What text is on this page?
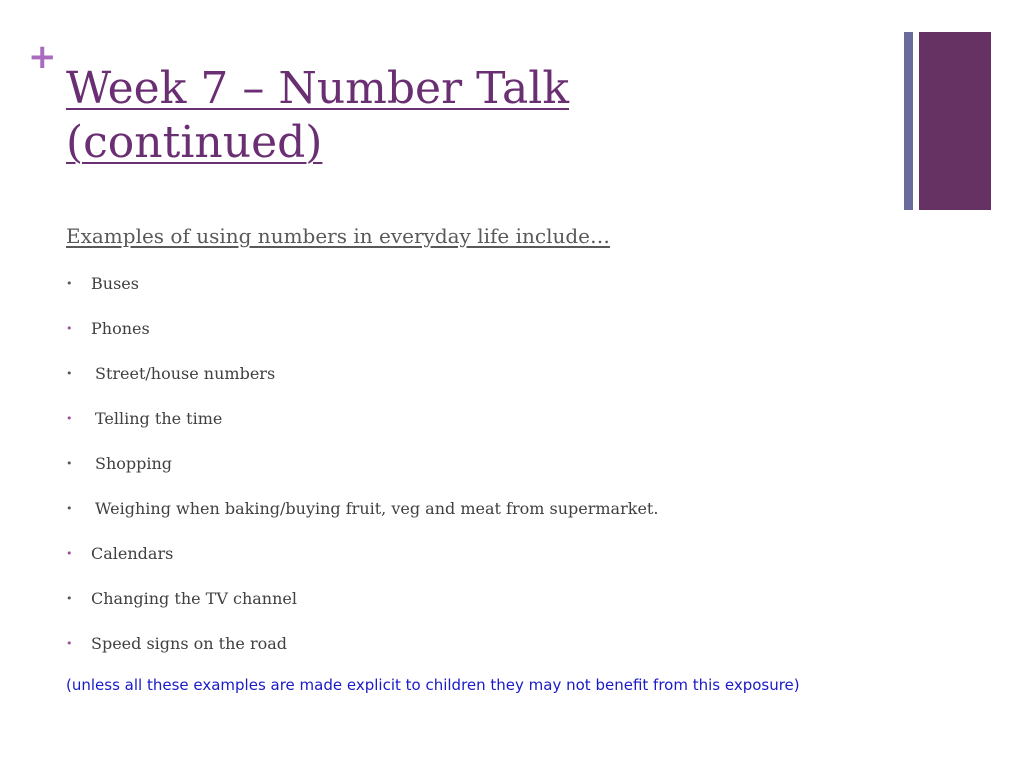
+
Week 7 – Number Talk
(continued)
Examples of using numbers in everyday life include…
• Buses
• Phones
• Street/house numbers
• Telling the time
• Shopping
• Weighing when baking/buying fruit, veg and meat from supermarket.
• Calendars
• Changing the TV channel
• Speed signs on the road
(unless all these examples are made explicit to children they may not benefit from this exposure)
